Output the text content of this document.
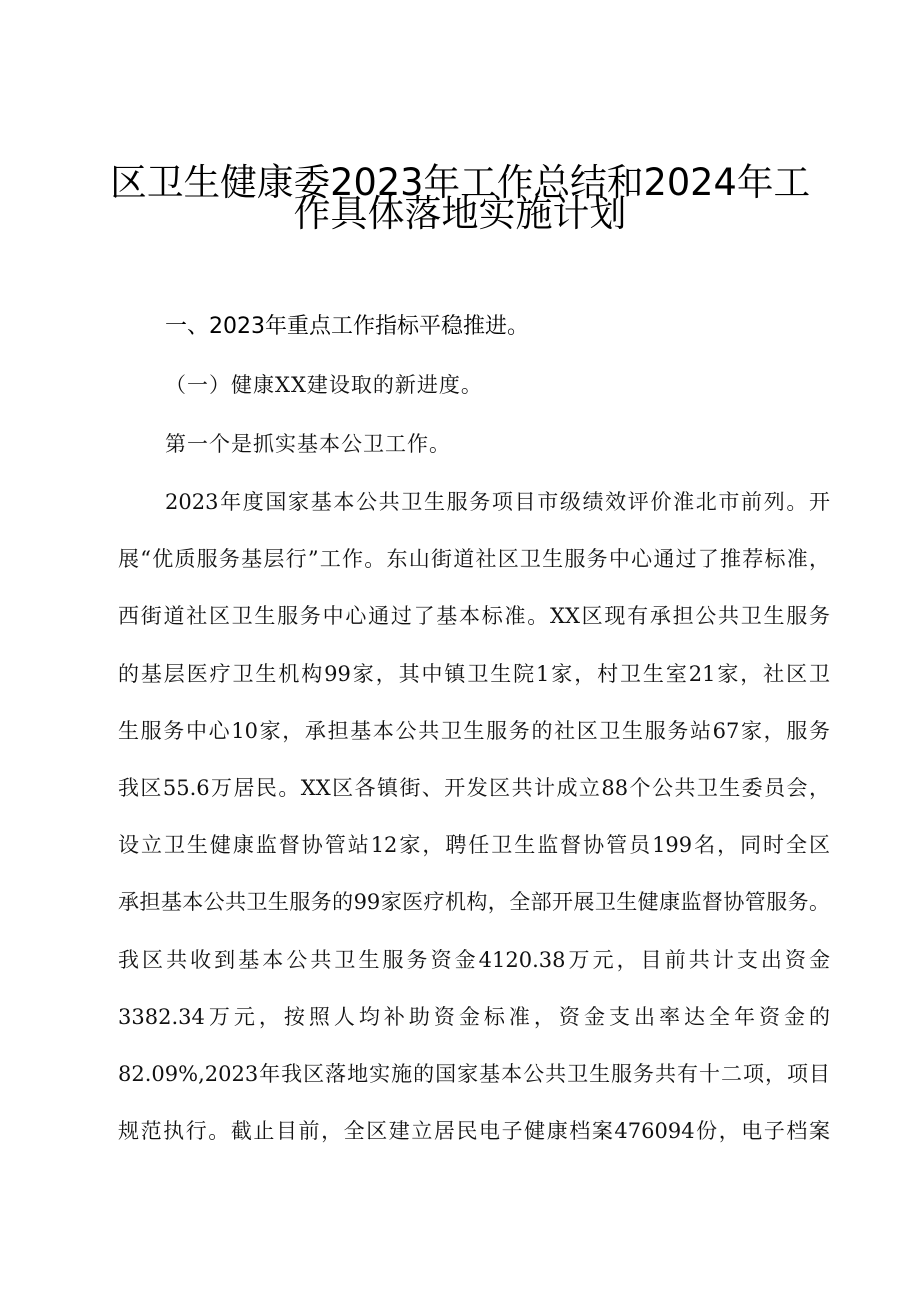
区卫生健康委2023年工作总结和2024年工
作具体落地实施计划
一、2023年重点工作指标平稳推进。
（一）健康XX建设取的新进度。
第一个是抓实基本公卫工作。
2023年度国家基本公共卫生服务项目市级绩效评价淮北市前列。开
展“优质服务基层行”工作。东山街道社区卫生服务中心通过了推荐标准，
西街道社区卫生服务中心通过了基本标准。XX区现有承担公共卫生服务
的基层医疗卫生机构99家，其中镇卫生院1家，村卫生室21家，社区卫
生服务中心10家，承担基本公共卫生服务的社区卫生服务站67家，服务
我区55.6万居民。XX区各镇街、开发区共计成立88个公共卫生委员会，
设立卫生健康监督协管站12家，聘任卫生监督协管员199名，同时全区
承担基本公共卫生服务的99家医疗机构，全部开展卫生健康监督协管服务。
我区共收到基本公共卫生服务资金4120.38万元，目前共计支出资金
3382.34万元，按照人均补助资金标准，资金支出率达全年资金的
82.09%,2023年我区落地实施的国家基本公共卫生服务共有十二项，项目
规范执行。截止目前，全区建立居民电子健康档案476094份，电子档案
